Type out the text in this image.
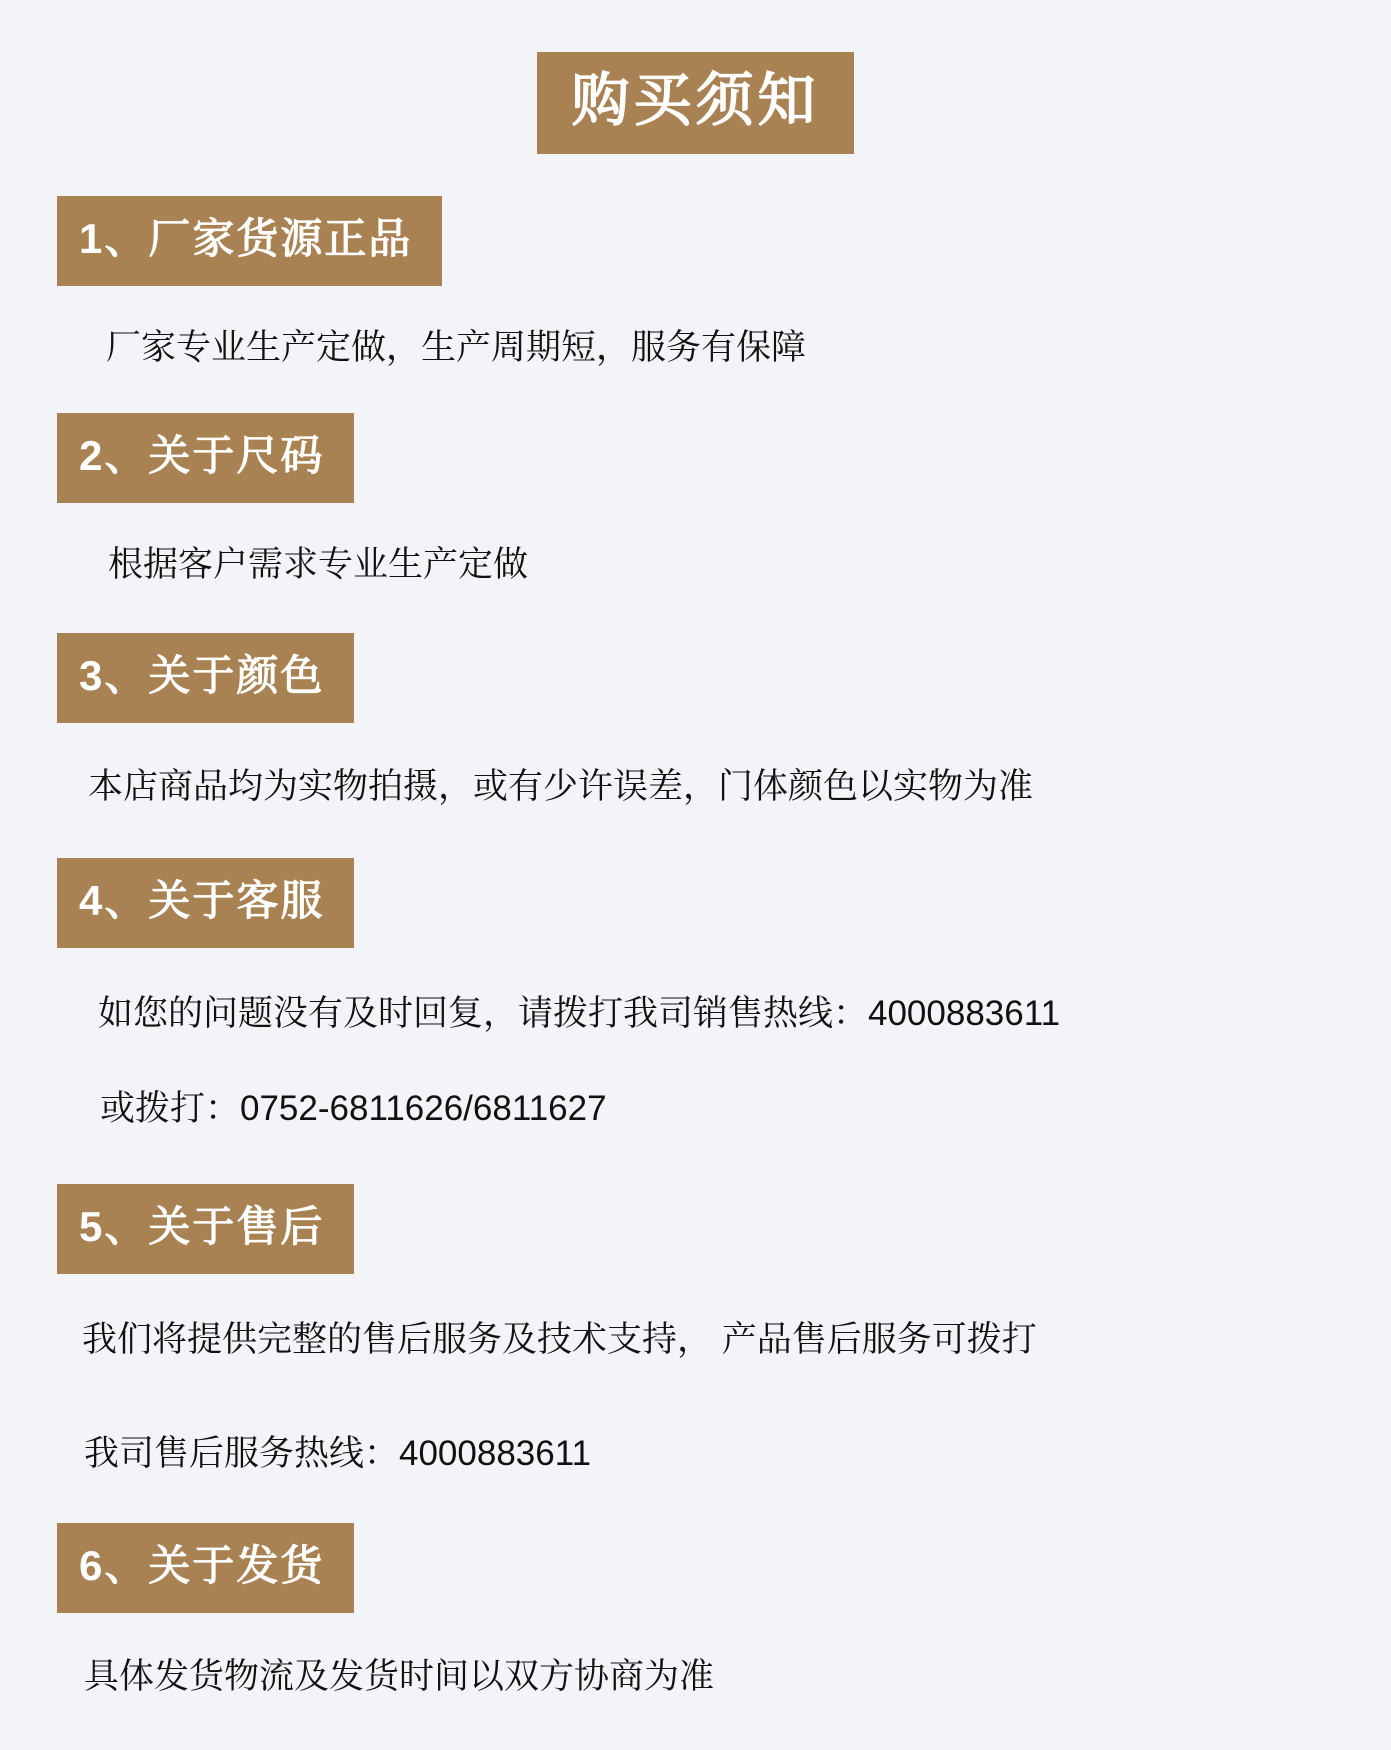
购买须知
1、厂家货源正品

厂家专业生产定做，生产周期短，服务有保障

2、关于尺码

根据客户需求专业生产定做

3、关于颜色

本店商品均为实物拍摄，或有少许误差，门体颜色以实物为准

4、关于客服

如您的问题没有及时回复，请拨打我司销售热线：4000883611

或拨打：0752-6811626/6811627

5、关于售后

我们将提供完整的售后服务及技术支持， 产品售后服务可拨打

我司售后服务热线：4000883611

6、关于发货

具体发货物流及发货时间以双方协商为准
